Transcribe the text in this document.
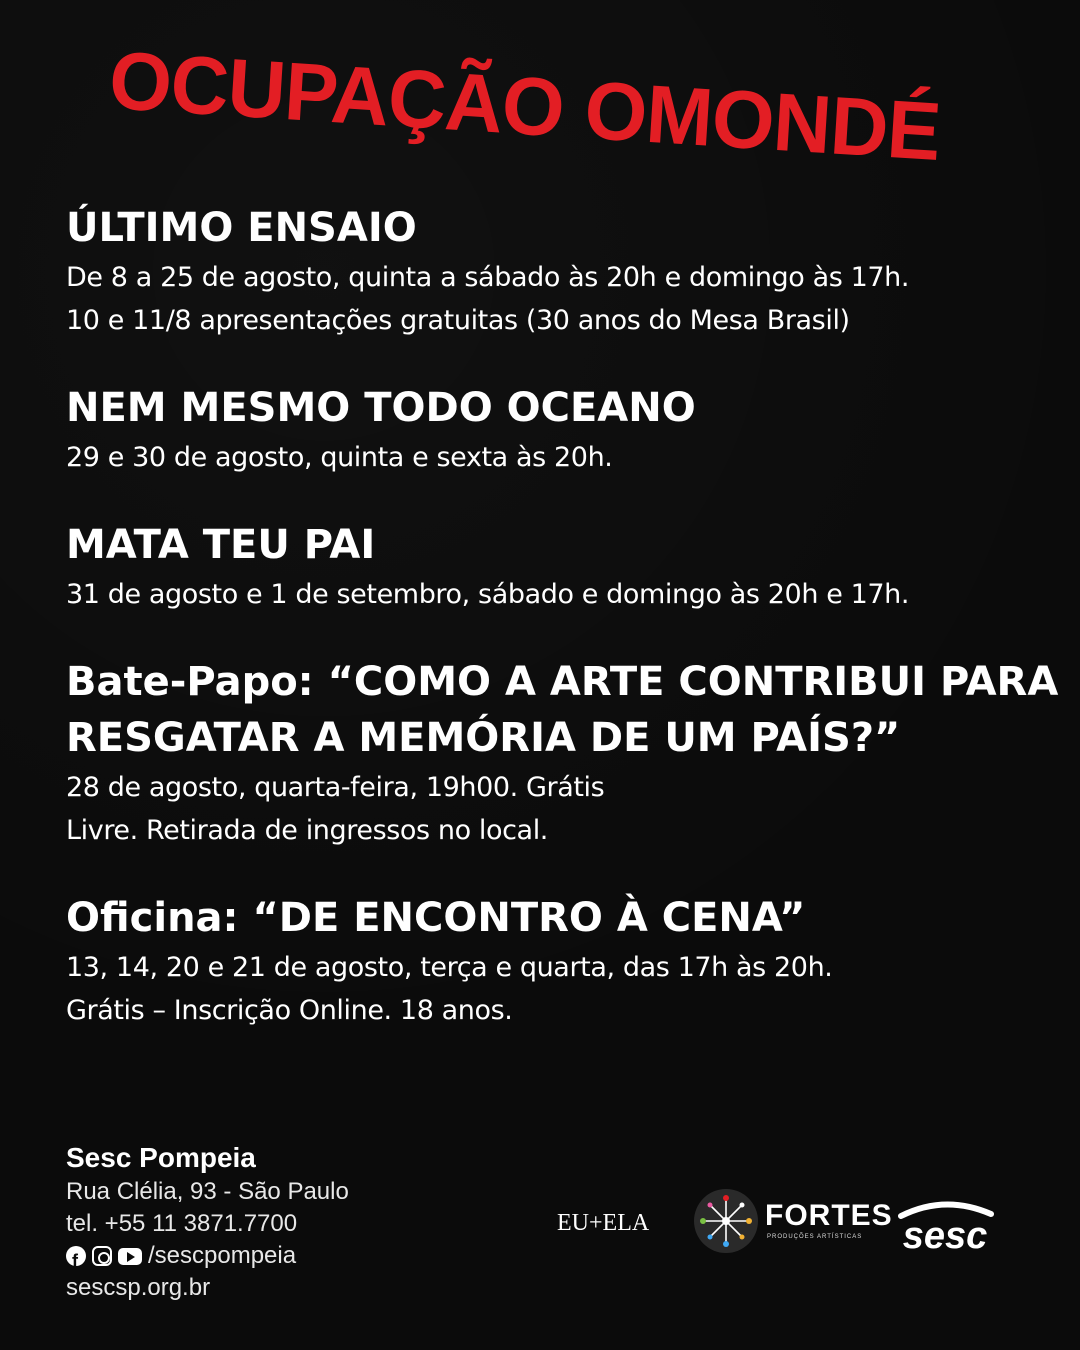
OCUPAÇÃO OMONDÉ
ÚLTIMO ENSAIO

De 8 a 25 de agosto, quinta a sábado às 20h e domingo às 17h.

10 e 11/8 apresentações gratuitas (30 anos do Mesa Brasil)

NEM MESMO TODO OCEANO

29 e 30 de agosto, quinta e sexta às 20h.

MATA TEU PAI

31 de agosto e 1 de setembro, sábado e domingo às 20h e 17h.

Bate-Papo: “COMO A ARTE CONTRIBUI PARA
RESGATAR A MEMÓRIA DE UM PAÍS?”

28 de agosto, quarta-feira, 19h00. Grátis

Livre. Retirada de ingressos no local.

Oficina: “DE ENCONTRO À CENA”

13, 14, 20 e 21 de agosto, terça e quarta, das 17h às 20h.

Grátis – Inscrição Online. 18 anos.

Sesc Pompeia
Rua Clélia, 93 - São Paulo
tel. +55 11 3871.7700
f
/sescpompeia
sescsp.org.br
EU+ELA	FORTES
PRODUÇÕES ARTÍSTICAS sesc
